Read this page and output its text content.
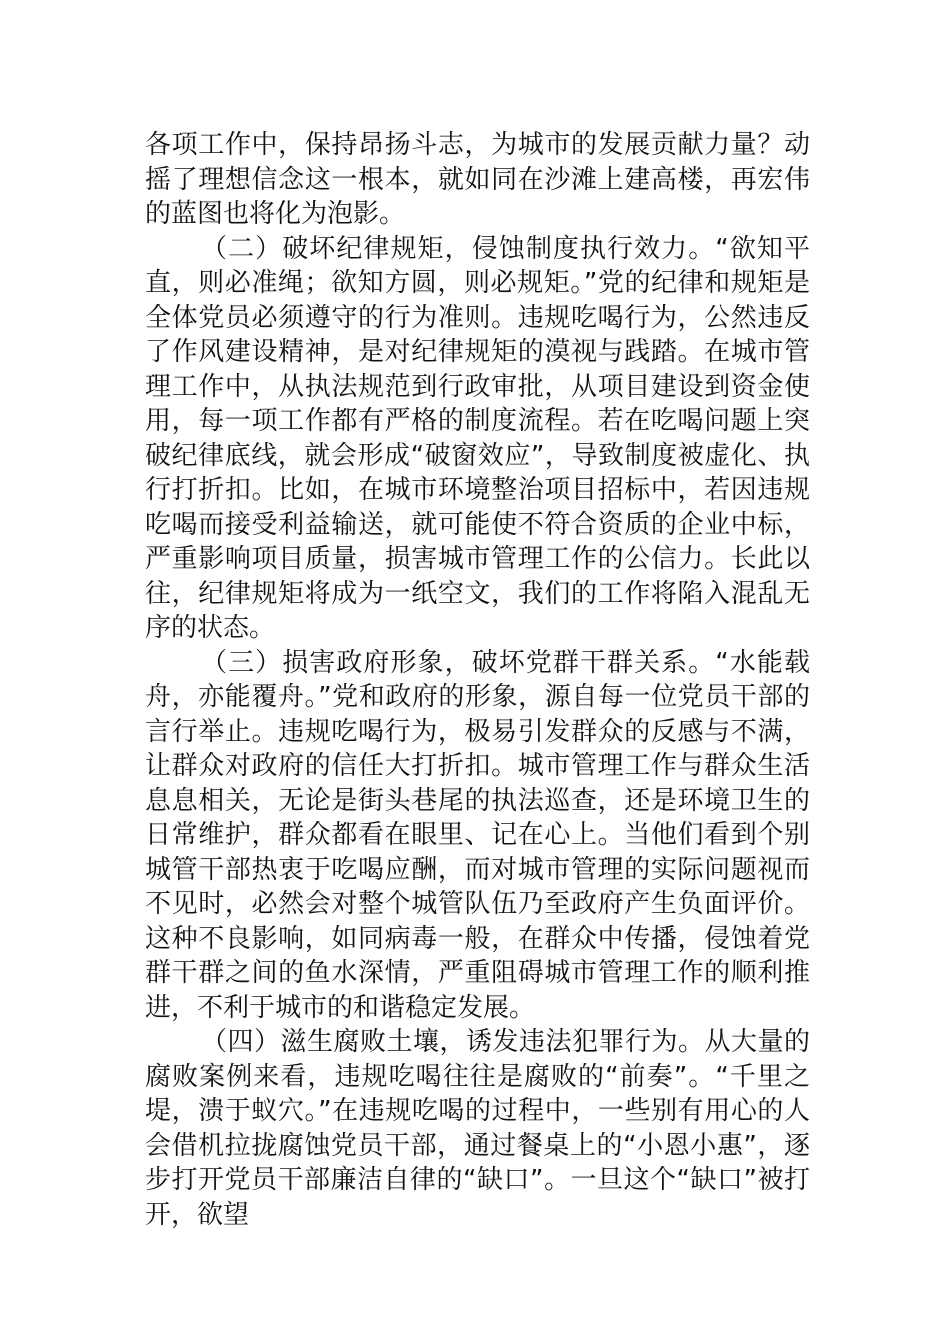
各项工作中，保持昂扬斗志，为城市的发展贡献力量？动摇了理想信念这一根本，就如同在沙滩上建高楼，再宏伟的蓝图也将化为泡影。

（二）破坏纪律规矩，侵蚀制度执行效力。“欲知平直，则必准绳；欲知方圆，则必规矩。”党的纪律和规矩是全体党员必须遵守的行为准则。违规吃喝行为，公然违反了作风建设精神，是对纪律规矩的漠视与践踏。在城市管理工作中，从执法规范到行政审批，从项目建设到资金使用，每一项工作都有严格的制度流程。若在吃喝问题上突破纪律底线，就会形成“破窗效应”，导致制度被虚化、执行打折扣。比如，在城市环境整治项目招标中，若因违规吃喝而接受利益输送，就可能使不符合资质的企业中标，严重影响项目质量，损害城市管理工作的公信力。长此以往，纪律规矩将成为一纸空文，我们的工作将陷入混乱无序的状态。

（三）损害政府形象，破坏党群干群关系。“水能载舟，亦能覆舟。”党和政府的形象，源自每一位党员干部的言行举止。违规吃喝行为，极易引发群众的反感与不满，让群众对政府的信任大打折扣。城市管理工作与群众生活息息相关，无论是街头巷尾的执法巡查，还是环境卫生的日常维护，群众都看在眼里、记在心上。当他们看到个别城管干部热衷于吃喝应酬，而对城市管理的实际问题视而不见时，必然会对整个城管队伍乃至政府产生负面评价。这种不良影响，如同病毒一般，在群众中传播，侵蚀着党群干群之间的鱼水深情，严重阻碍城市管理工作的顺利推进，不利于城市的和谐稳定发展。

（四）滋生腐败土壤，诱发违法犯罪行为。从大量的腐败案例来看，违规吃喝往往是腐败的“前奏”。“千里之堤，溃于蚁穴。”在违规吃喝的过程中，一些别有用心的人会借机拉拢腐蚀党员干部，通过餐桌上的“小恩小惠”，逐步打开党员干部廉洁自律的“缺口”。一旦这个“缺口”被打开，欲望
